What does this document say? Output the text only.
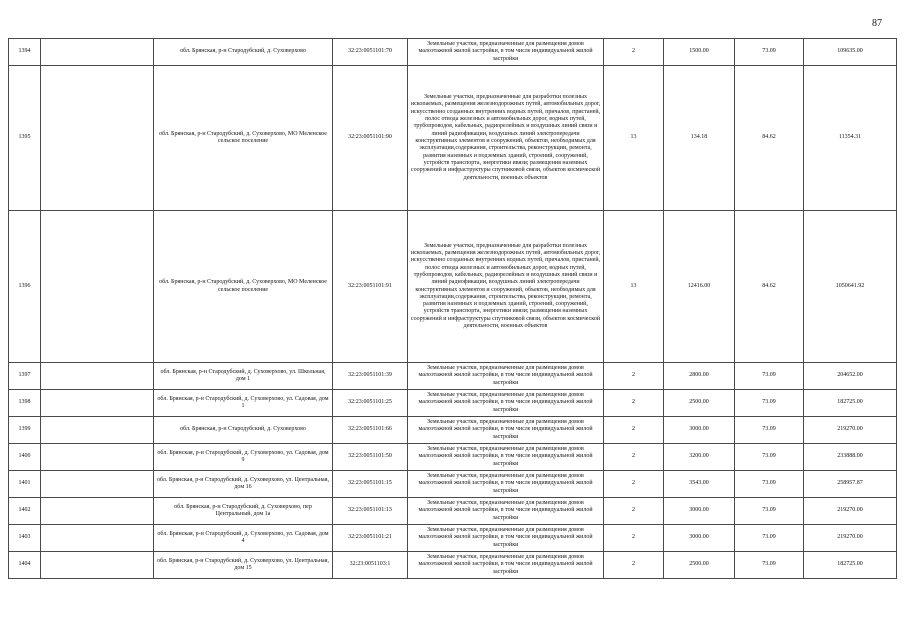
87
1394		обл. Брянская, р-н Стародубский, д. Суховерхово	32:23:0051101:70	Земельные участки, предназначенные для размещения домов малоэтажной жилой застройки, в том числе индивидуальной жилой застройки	2	1500.00	73.09	109635.00
1395		обл. Брянская, р-н Стародубский, д. Суховерхово, МО Меленское сельское поселение	32:23:0051101:90	Земельные участки, предназначенные для разработки полезных ископаемых, размещения железнодорожных путей, автомобильных дорог, искусственно созданных внутренних водных путей, причалов, пристаней, полос отвода железных и автомобильных дорог, водных путей, трубопроводов, кабельных, радиорелейных и воздушных линий связи и линий радиофикации, воздушных линий электропередачи конструктивных элементов и сооружений, объектов, необходимых для эксплуатации,содержания, строительства, реконструкции, ремонта, развития наземных и подземных зданий, строений, сооружений, устройств транспорта, энергетики ивязи; размещения наземных сооружений и инфраструктуры спутниковой связи, объектов космической деятельности, военных объектов	13	134.18	84.62	11354.31
1396		обл. Брянская, р-н Стародубский, д. Суховерхово, МО Меленское сельское поселение	32:23:0051101:91	Земельные участки, предназначенные для разработки полезных ископаемых, размещения железнодорожных путей, автомобильных дорог, искусственно созданных внутренних водных путей, причалов, пристаней, полос отвода железных и автомобильных дорог, водных путей, трубопроводов, кабельных, радиорелейных и воздушных линий связи и линий радиофикации, воздушных линий электропередачи конструктивных элементов и сооружений, объектов, необходимых для эксплуатации,содержания, строительства, реконструкции, ремонта, развития наземных и подземных зданий, строений, сооружений, устройств транспорта, энергетики ивязи; размещения наземных сооружений и инфраструктуры спутниковой связи, объектов космической деятельности, военных объектов	13	12416.00	84.62	1050641.92
1397		обл. Брянская, р-н Стародубский, д. Суховерхово, ул. Школьная, дом 1	32:23:0051101:39	Земельные участки, предназначенные для размещения домов малоэтажной жилой застройки, в том числе индивидуальной жилой застройки	2	2800.00	73.09	204652.00
1398		обл. Брянская, р-н Стародубский, д. Суховерхово, ул. Садовая, дом 1	32:23:0051101:25	Земельные участки, предназначенные для размещения домов малоэтажной жилой застройки, в том числе индивидуальной жилой застройки	2	2500.00	73.09	182725.00
1399		обл. Брянская, р-н Стародубский, д. Суховерхово	32:23:0051101:66	Земельные участки, предназначенные для размещения домов малоэтажной жилой застройки, в том числе индивидуальной жилой застройки	2	3000.00	73.09	219270.00
1400		обл. Брянская, р-н Стародубский, д. Суховерхово, ул. Садовая, дом 9	32:23:0051101:50	Земельные участки, предназначенные для размещения домов малоэтажной жилой застройки, в том числе индивидуальной жилой застройки	2	3200.00	73.09	233888.00
1401		обл. Брянская, р-н Стародубский, д. Суховерхово, ул. Центральная, дом 16	32:23:0051101:15	Земельные участки, предназначенные для размещения домов малоэтажной жилой застройки, в том числе индивидуальной жилой застройки	2	3543.00	73.09	258957.87
1402		обл. Брянская, р-н Стародубский, д. Суховерхово, пер Центральный, дом 1а	32:23:0051101:13	Земельные участки, предназначенные для размещения домов малоэтажной жилой застройки, в том числе индивидуальной жилой застройки	2	3000.00	73.09	219270.00
1403		обл. Брянская, р-н Стародубский, д. Суховерхово, ул. Садовая, дом 4	32:23:0051101:21	Земельные участки, предназначенные для размещения домов малоэтажной жилой застройки, в том числе индивидуальной жилой застройки	2	3000.00	73.09	219270.00
1404		обл. Брянская, р-н Стародубский, д. Суховерхово, ул. Центральная, дом 15	32:23:0051103:1	Земельные участки, предназначенные для размещения домов малоэтажной жилой застройки, в том числе индивидуальной жилой застройки	2	2500.00	73.09	182725.00
